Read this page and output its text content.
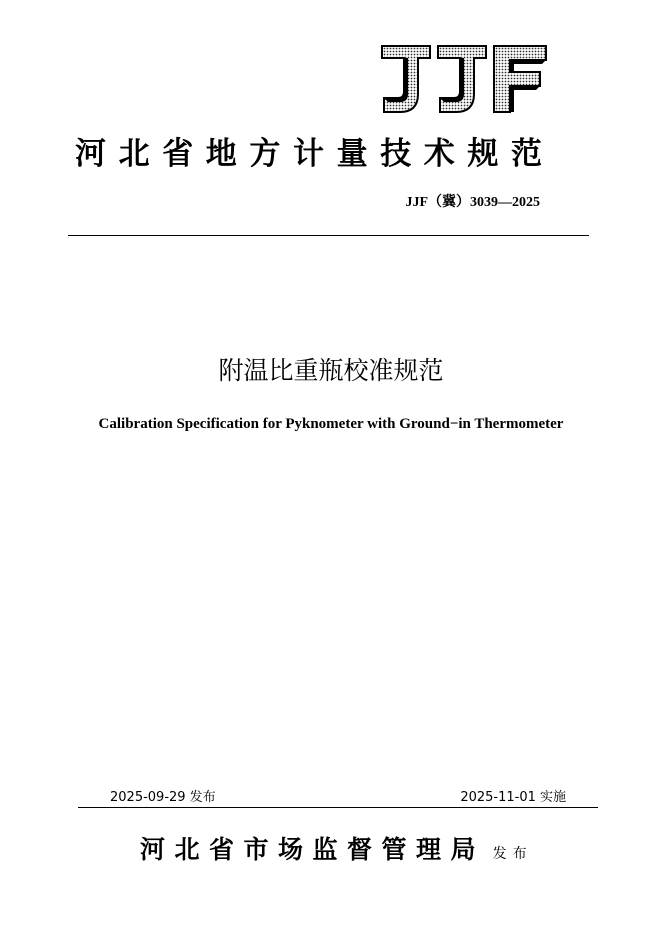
河北省地方计量技术规范
JJF（冀）3039—2025
附温比重瓶校准规范
Calibration Specification for Pyknometer with Ground−in Thermometer
2025-09-29 发布	2025-11-01 实施
河北省市场监督管理局 发布
